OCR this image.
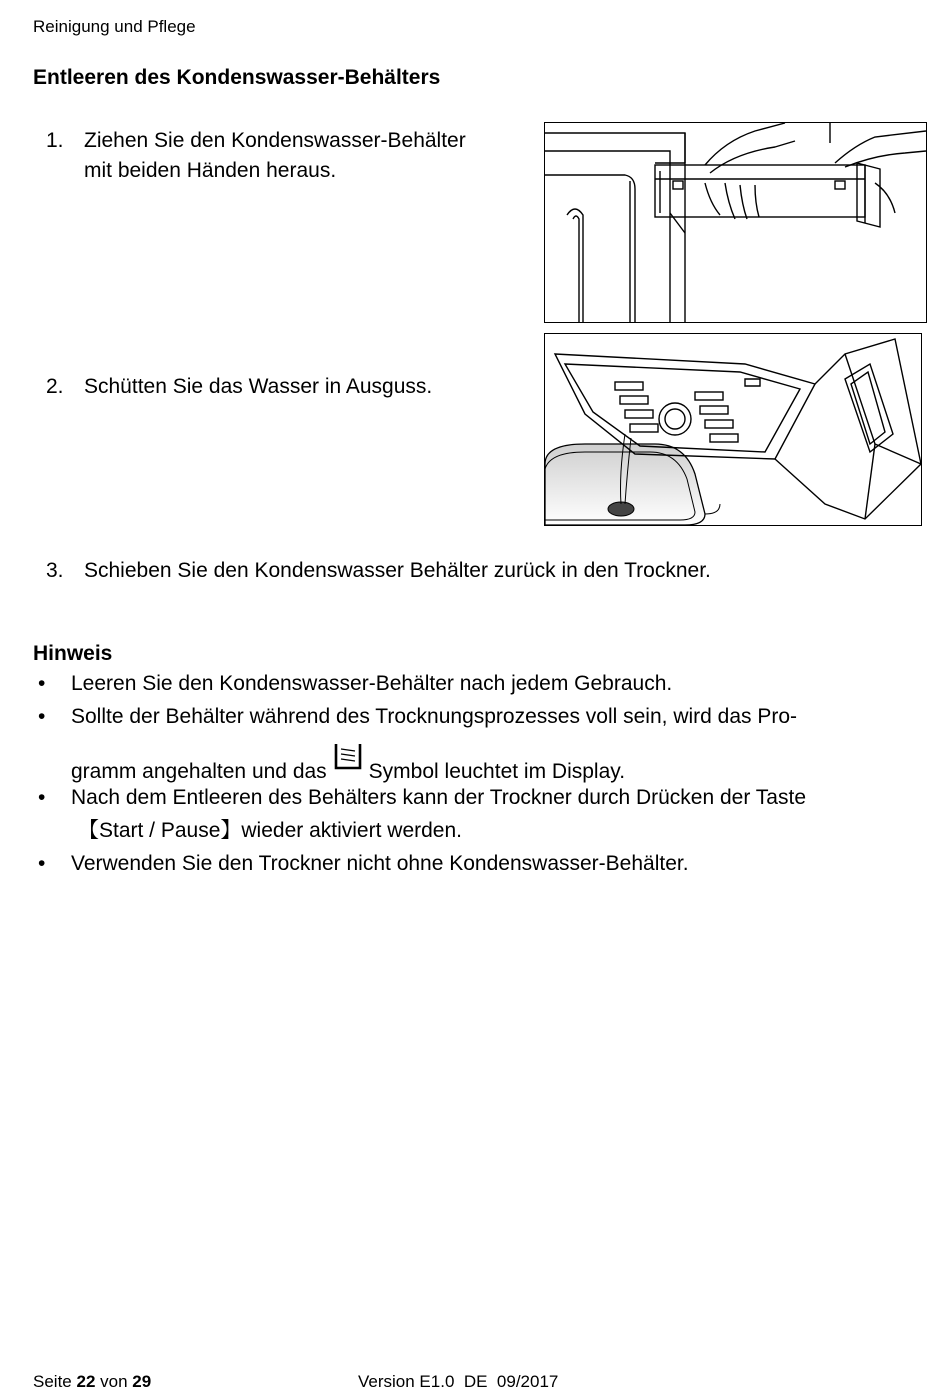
Reinigung und Pflege
Entleeren des Kondenswasser-Behälters
1. Ziehen Sie den Kondenswasser-Behälter
mit beiden Händen heraus.
2. Schütten Sie das Wasser in Ausguss.
3. Schieben Sie den Kondenswasser Behälter zurück in den Trockner.
Hinweis
•	Leeren Sie den Kondenswasser-Behälter nach jedem Gebrauch.
•	Sollte der Behälter während des Trocknungsprozesses voll sein, wird das Pro-
gramm angehalten und das Symbol leuchtet im Display.
•	Nach dem Entleeren des Behälters kann der Trockner durch Drücken der Taste
【Start / Pause】wieder aktiviert werden.
•	Verwenden Sie den Trockner nicht ohne Kondenswasser-Behälter.
Seite 22 von 29	Version E1.0  DE  09/2017
